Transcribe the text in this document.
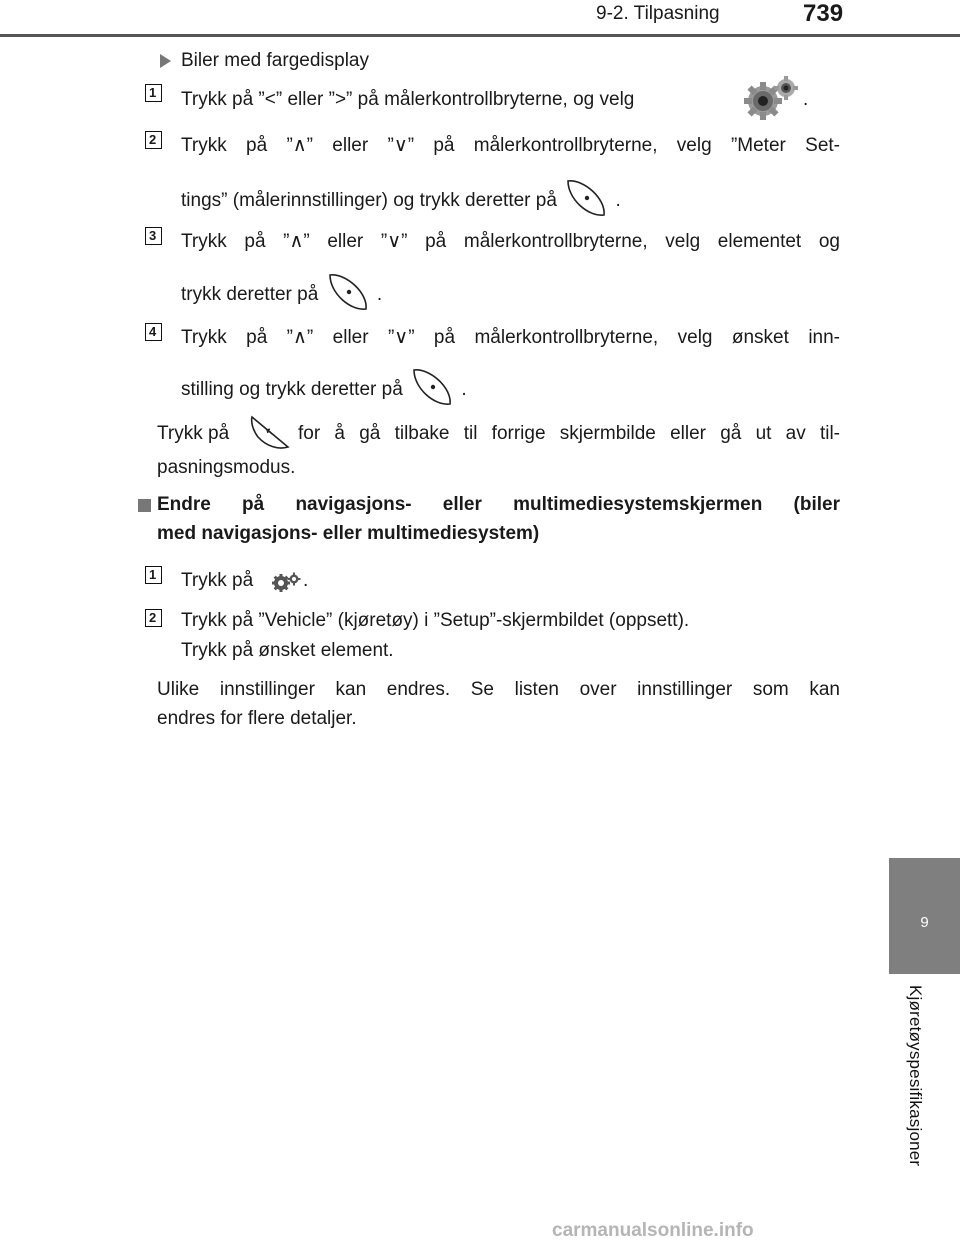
9-2. Tilpasning	739
9
Kjøretøyspesifikasjoner
Biler med fargedisplay
1	Trykk på ”<” eller ”>” på målerkontrollbryterne, og velg	.
2	Trykk på ”∧” eller ”∨” på målerkontrollbryterne, velg ”Meter Set-
tings” (målerinnstillinger) og trykk deretter på	.
3	Trykk på ”∧” eller ”∨” på målerkontrollbryterne, velg elementet og
trykk deretter på	.
4	Trykk på ”∧” eller ”∨” på målerkontrollbryterne, velg ønsket inn-
stilling og trykk deretter på	.
Trykk på	for å gå tilbake til forrige skjermbilde eller gå ut av til-
pasningsmodus.
Endre på navigasjons- eller multimediesystemskjermen (biler
med navigasjons- eller multimediesystem)
1	Trykk på	.
2	Trykk på ”Vehicle” (kjøretøy) i ”Setup”-skjermbildet (oppsett).
Trykk på ønsket element.
Ulike innstillinger kan endres. Se listen over innstillinger som kan
endres for flere detaljer.
carmanualsonline.info
